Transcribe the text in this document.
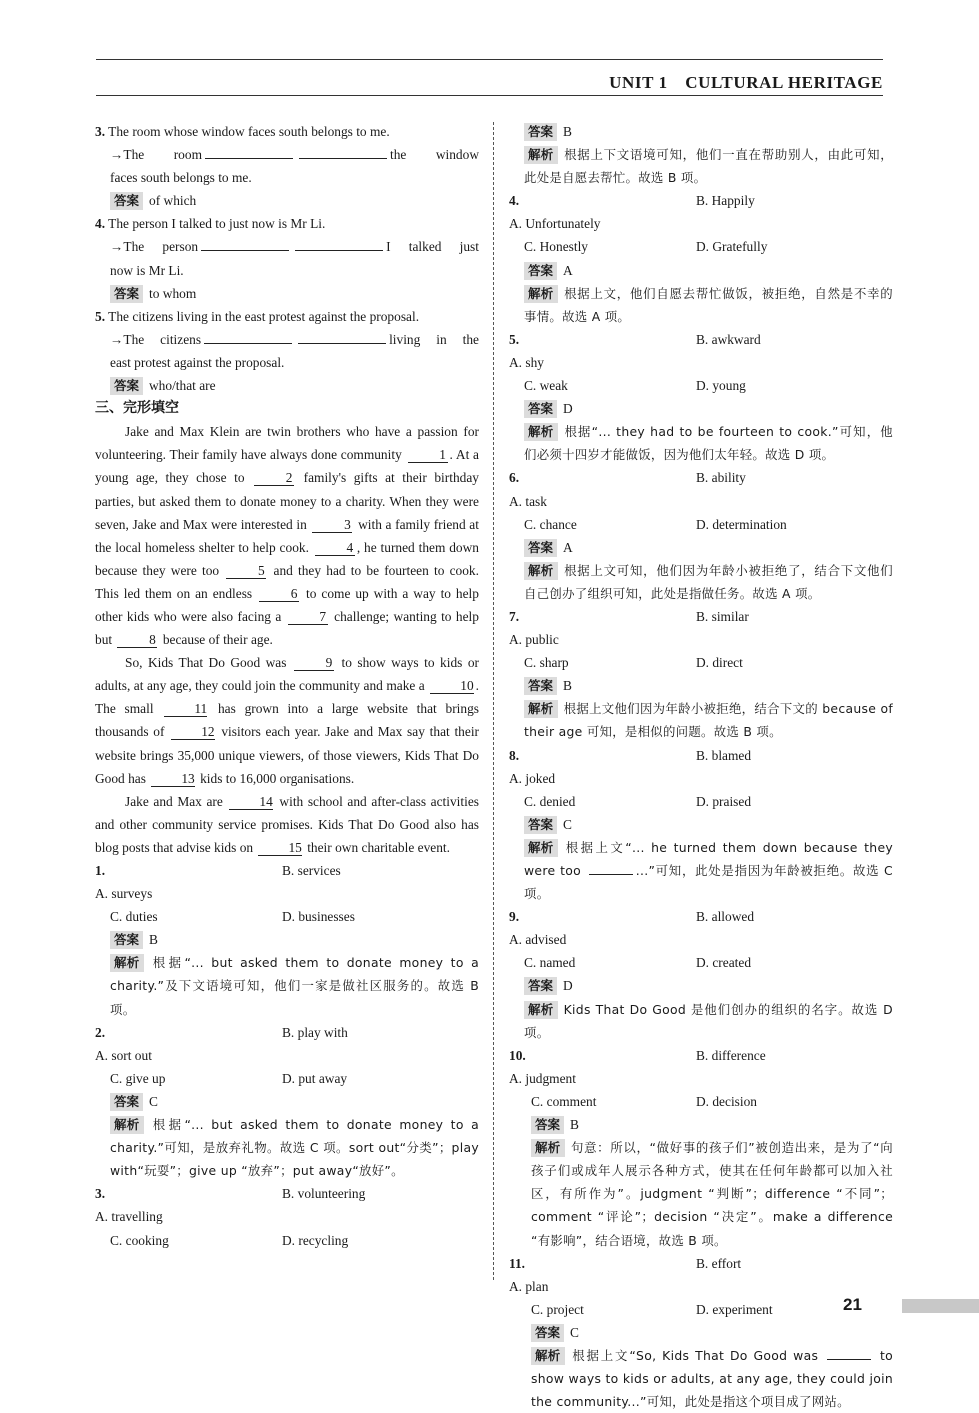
UNIT 1　CULTURAL HERITAGE
3. The room whose window faces south belongs to me.
→The room	the window
faces south belongs to me.
答案 of which
4. The person I talked to just now is Mr Li.
→The person	I talked just
now is Mr Li.
答案 to whom
5. The citizens living in the east protest against the proposal.
→The citizens	living in the
east protest against the proposal.
答案 who/that are
三、完形填空
Jake and Max Klein are twin brothers who have a passion for volunteering. Their family have always done community	1 . At a young age, they chose to	2 family's gifts at their birthday parties, but asked them to donate money to a charity. When they were seven, Jake and Max were interested in	3 with a family friend at the local homeless shelter to help cook.	4 , he turned them down because they were too	5 and they had to be fourteen to cook. This led them on an endless	6 to come up with a way to help other kids who were also facing a	7 challenge; wanting to help but	8 because of their age.
So, Kids That Do Good was	9 to show ways to kids or adults, at any age, they could join the community and make a	10 . The small	11 has grown into a large website that brings thousands of	12 visitors each year. Jake and Max say that their website brings 35,000 unique viewers, of those viewers, Kids That Do Good has	13 kids to 16,000 organisations.
Jake and Max are	14 with school and after-class activities and other community service promises. Kids That Do Good also has blog posts that advise kids on	15 their own charitable event.
1.
A. surveys
B. services
C. duties	D. businesses
答案 B
解析 根据“... but asked them to donate money to a charity.”及下文语境可知，他们一家是做社区服务的。故选 B 项。
2.
A. sort out
B. play with
C. give up	D. put away
答案 C
解析 根据“... but asked them to donate money to a charity.”可知，是放弃礼物。故选 C 项。sort out“分类”；play with“玩耍”；give up “放弃”；put away“放好”。
3.
A. travelling
B. volunteering
C. cooking	D. recycling
答案 B
解析 根据上下文语境可知，他们一直在帮助别人，由此可知，此处是自愿去帮忙。故选 B 项。
4.
A. Unfortunately
B. Happily
C. Honestly	D. Gratefully
答案 A
解析 根据上文，他们自愿去帮忙做饭，被拒绝，自然是不幸的事情。故选 A 项。
5.
A. shy
B. awkward
C. weak	D. young
答案 D
解析 根据“... they had to be fourteen to cook.”可知，他们必须十四岁才能做饭，因为他们太年轻。故选 D 项。
6.
A. task
B. ability
C. chance	D. determination
答案 A
解析 根据上文可知，他们因为年龄小被拒绝了，结合下文他们自己创办了组织可知，此处是指做任务。故选 A 项。
7.
A. public
B. similar
C. sharp	D. direct
答案 B
解析 根据上文他们因为年龄小被拒绝，结合下文的 because of their age 可知，是相似的问题。故选 B 项。
8.
A. joked
B. blamed
C. denied	D. praised
答案 C
解析 根据上文“... he turned them down because they were too	...”可知，此处是指因为年龄被拒绝。故选 C 项。
9.
A. advised
B. allowed
C. named	D. created
答案 D
解析 Kids That Do Good 是他们创办的组织的名字。故选 D 项。
10.
A. judgment
B. difference
C. comment	D. decision
答案 B
解析 句意：所以，“做好事的孩子们”被创造出来，是为了“向孩子们或成年人展示各种方式，使其在任何年龄都可以加入社区，有所作为”。judgment “判断”；difference “不同”；comment “评论”；decision “决定”。make a difference “有影响”，结合语境，故选 B 项。
11.
A. plan
B. effort
C. project	D. experiment
答案 C
解析 根据上文“So, Kids That Do Good was	to show ways to kids or adults, at any age, they could join the community...”可知，此处是指这个项目成了网站。
21
